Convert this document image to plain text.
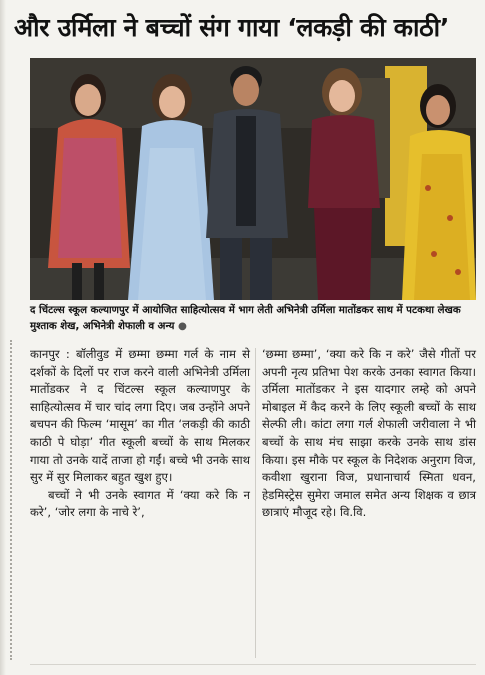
और उर्मिला ने बच्चों संग गाया ‘लकड़ी की काठी’
द चिंटल्स स्कूल कल्याणपुर में आयोजित साहित्योत्सव में भाग लेती अभिनेत्री उर्मिला मातोंडकर साथ में पटकथा लेखक मुश्ताक शेख, अभिनेत्री शेफाली व अन्य ●

कानपुर : बॉलीवुड में छम्मा छम्मा गर्ल के नाम से दर्शकों के दिलों पर राज करने वाली अभिनेत्री उर्मिला मातोंडकर ने द चिंटल्स स्कूल कल्याणपुर के साहित्योत्सव में चार चांद लगा दिए। जब उन्होंने अपने बचपन की फिल्म ‘मासूम’ का गीत ‘लकड़ी की काठी काठी पे घोड़ा’ गीत स्कूली बच्चों के साथ मिलकर गाया तो उनके यादें ताजा हो गईं। बच्चे भी उनके साथ सुर में सुर मिलाकर बहुत खुश हुए।

बच्चों ने भी उनके स्वागत में ‘क्या करे कि न करे’, ‘जोर लगा के नाचे रे’,

‘छम्मा छम्मा’, ‘क्या करे कि न करे’ जैसे गीतों पर अपनी नृत्य प्रतिभा पेश करके उनका स्वागत किया। उर्मिला मातोंडकर ने इस यादगार लम्हे को अपने मोबाइल में कैद करने के लिए स्कूली बच्चों के साथ सेल्फी ली। कांटा लगा गर्ल शेफाली जरीवाला ने भी बच्चों के साथ मंच साझा करके उनके साथ डांस किया। इस मौके पर स्कूल के निदेशक अनुराग विज, कवीशा खुराना विज, प्रधानाचार्य स्मिता धवन, हेडमिस्ट्रेस सुमेरा जमाल समेत अन्य शिक्षक व छात्र छात्राएं मौजूद रहे। वि.वि.
